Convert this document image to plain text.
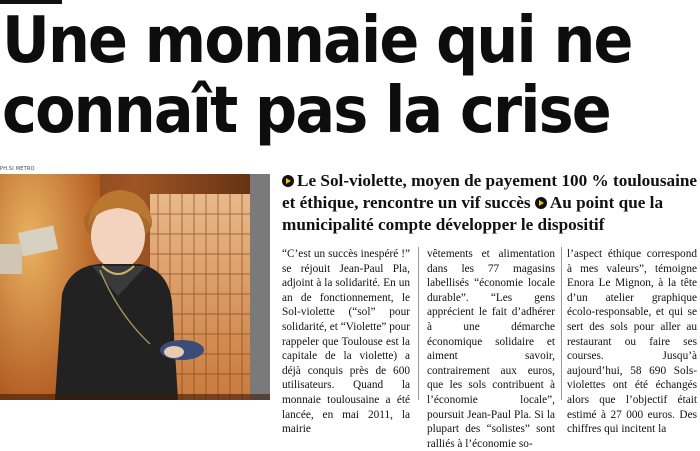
Une monnaie qui ne
connaît pas la crise
PH.SI METRO
Le Sol-violette, moyen de payement 100 % toulousaine et éthique, rencontre un vif succès Au point que la municipalité compte développer le dispositif
“C’est un succès inespéré !” se réjouit Jean-Paul Pla, adjoint à la solidarité. En un an de fonctionnement, le Sol-violette (“sol” pour solidarité, et “Violette” pour rappeler que Toulouse est la capitale de la violette) a déjà conquis près de 600 utilisateurs. Quand la monnaie toulousaine a été lancée, en mai 2011, la mairie
vêtements et alimentation dans les 77 magasins labellisés “économie locale durable”. “Les gens apprécient le fait d’adhérer à une démarche économique solidaire et aiment savoir, contrairement aux euros, que les sols contribuent à l’économie locale”, poursuit Jean-Paul Pla. Si la plupart des “solistes” sont ralliés à l’économie so-
l’aspect éthique correspond à mes valeurs”, témoigne Enora Le Mignon, à la tête d’un atelier graphique écolo-responsable, et qui se sert des sols pour aller au restaurant ou faire ses courses. Jusqu’à aujourd’hui, 58 690 Sols-violettes ont été échangés alors que l’objectif était estimé à 27 000 euros. Des chiffres qui incitent la
